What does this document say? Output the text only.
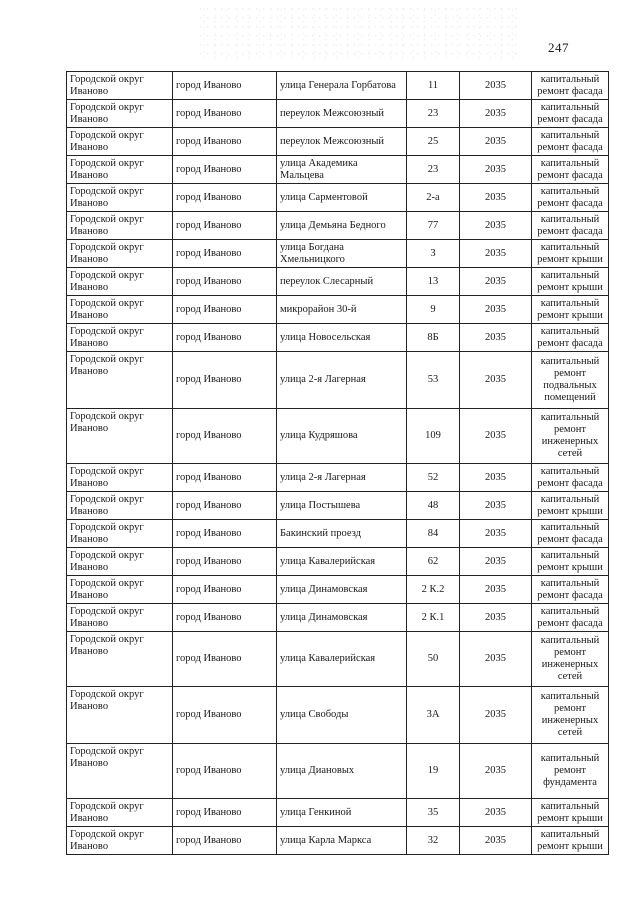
247
Городской округ Иваново	город Иваново	улица Генерала Горбатова	11	2035	капитальный ремонт фасада
Городской округ Иваново	город Иваново	переулок Межсоюзный	23	2035	капитальный ремонт фасада
Городской округ Иваново	город Иваново	переулок Межсоюзный	25	2035	капитальный ремонт фасада
Городской округ Иваново	город Иваново	улица Академика Мальцева	23	2035	капитальный ремонт фасада
Городской округ Иваново	город Иваново	улица Сарментовой	2-а	2035	капитальный ремонт фасада
Городской округ Иваново	город Иваново	улица Демьяна Бедного	77	2035	капитальный ремонт фасада
Городской округ Иваново	город Иваново	улица Богдана Хмельницкого	3	2035	капитальный ремонт крыши
Городской округ Иваново	город Иваново	переулок Слесарный	13	2035	капитальный ремонт крыши
Городской округ Иваново	город Иваново	микрорайон 30-й	9	2035	капитальный ремонт крыши
Городской округ Иваново	город Иваново	улица Новосельская	8Б	2035	капитальный ремонт фасада
Городской округ Иваново	город Иваново	улица 2-я Лагерная	53	2035	капитальный ремонт подвальных помещений
Городской округ Иваново	город Иваново	улица Кудряшова	109	2035	капитальный ремонт инженерных сетей
Городской округ Иваново	город Иваново	улица 2-я Лагерная	52	2035	капитальный ремонт фасада
Городской округ Иваново	город Иваново	улица Постышева	48	2035	капитальный ремонт крыши
Городской округ Иваново	город Иваново	Бакинский проезд	84	2035	капитальный ремонт фасада
Городской округ Иваново	город Иваново	улица Кавалерийская	62	2035	капитальный ремонт крыши
Городской округ Иваново	город Иваново	улица Динамовская	2 К.2	2035	капитальный ремонт фасада
Городской округ Иваново	город Иваново	улица Динамовская	2 К.1	2035	капитальный ремонт фасада
Городской округ Иваново	город Иваново	улица Кавалерийская	50	2035	капитальный ремонт инженерных сетей
Городской округ Иваново	город Иваново	улица Свободы	3А	2035	капитальный ремонт инженерных сетей
Городской округ Иваново	город Иваново	улица Диановых	19	2035	капитальный ремонт фундамента
Городской округ Иваново	город Иваново	улица Генкиной	35	2035	капитальный ремонт крыши
Городской округ Иваново	город Иваново	улица Карла Маркса	32	2035	капитальный ремонт крыши
